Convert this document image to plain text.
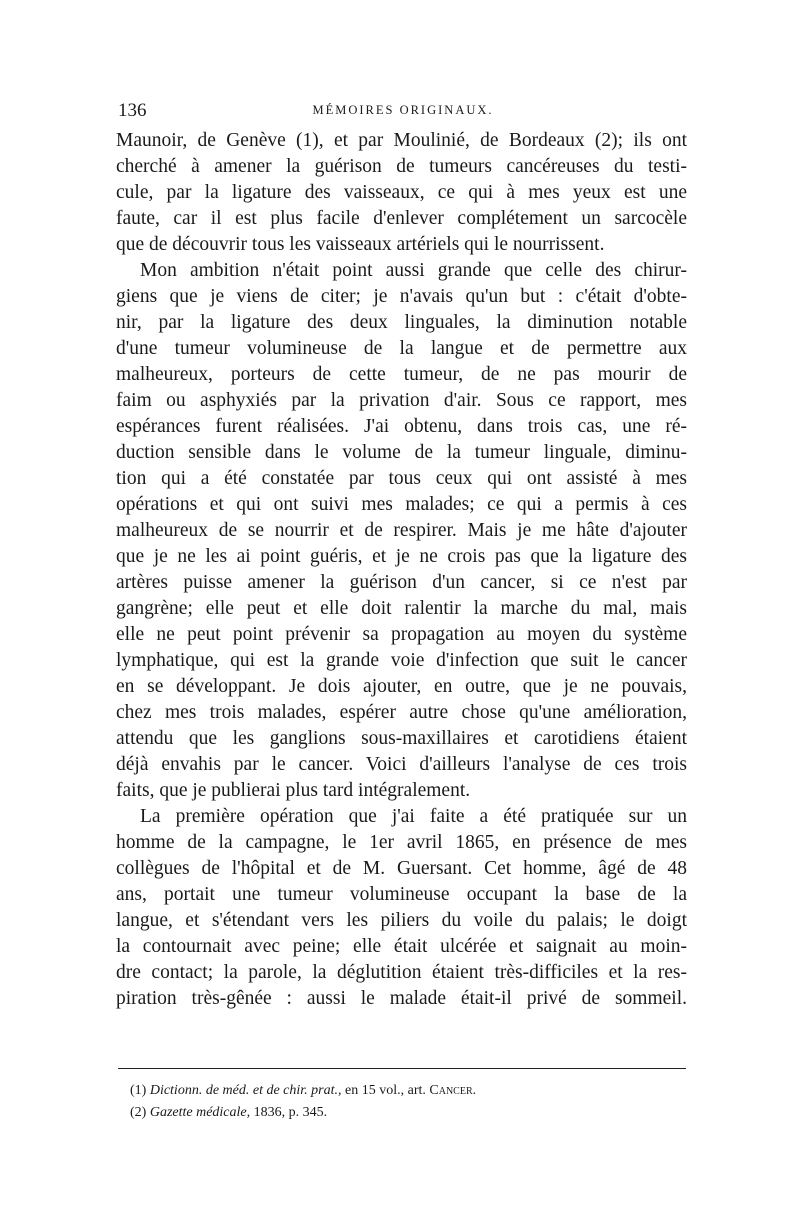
136	MÉMOIRES ORIGINAUX.
Maunoir, de Genève (1), et par Moulinié, de Bordeaux (2); ils ont
cherché à amener la guérison de tumeurs cancéreuses du testi-
cule, par la ligature des vaisseaux, ce qui à mes yeux est une
faute, car il est plus facile d'enlever complétement un sarcocèle
que de découvrir tous les vaisseaux artériels qui le nourrissent.
Mon ambition n'était point aussi grande que celle des chirur-
giens que je viens de citer; je n'avais qu'un but : c'était d'obte-
nir, par la ligature des deux linguales, la diminution notable
d'une tumeur volumineuse de la langue et de permettre aux
malheureux, porteurs de cette tumeur, de ne pas mourir de
faim ou asphyxiés par la privation d'air. Sous ce rapport, mes
espérances furent réalisées. J'ai obtenu, dans trois cas, une ré-
duction sensible dans le volume de la tumeur linguale, diminu-
tion qui a été constatée par tous ceux qui ont assisté à mes
opérations et qui ont suivi mes malades; ce qui a permis à ces
malheureux de se nourrir et de respirer. Mais je me hâte d'ajouter
que je ne les ai point guéris, et je ne crois pas que la ligature des
artères puisse amener la guérison d'un cancer, si ce n'est par
gangrène; elle peut et elle doit ralentir la marche du mal, mais
elle ne peut point prévenir sa propagation au moyen du système
lymphatique, qui est la grande voie d'infection que suit le cancer
en se développant. Je dois ajouter, en outre, que je ne pouvais,
chez mes trois malades, espérer autre chose qu'une amélioration,
attendu que les ganglions sous-maxillaires et carotidiens étaient
déjà envahis par le cancer. Voici d'ailleurs l'analyse de ces trois
faits, que je publierai plus tard intégralement.
La première opération que j'ai faite a été pratiquée sur un
homme de la campagne, le 1er avril 1865, en présence de mes
collègues de l'hôpital et de M. Guersant. Cet homme, âgé de 48
ans, portait une tumeur volumineuse occupant la base de la
langue, et s'étendant vers les piliers du voile du palais; le doigt
la contournait avec peine; elle était ulcérée et saignait au moin-
dre contact; la parole, la déglutition étaient très-difficiles et la res-
piration très-gênée : aussi le malade était-il privé de sommeil.
(1) Dictionn. de méd. et de chir. prat., en 15 vol., art. Cancer.
(2) Gazette médicale, 1836, p. 345.
